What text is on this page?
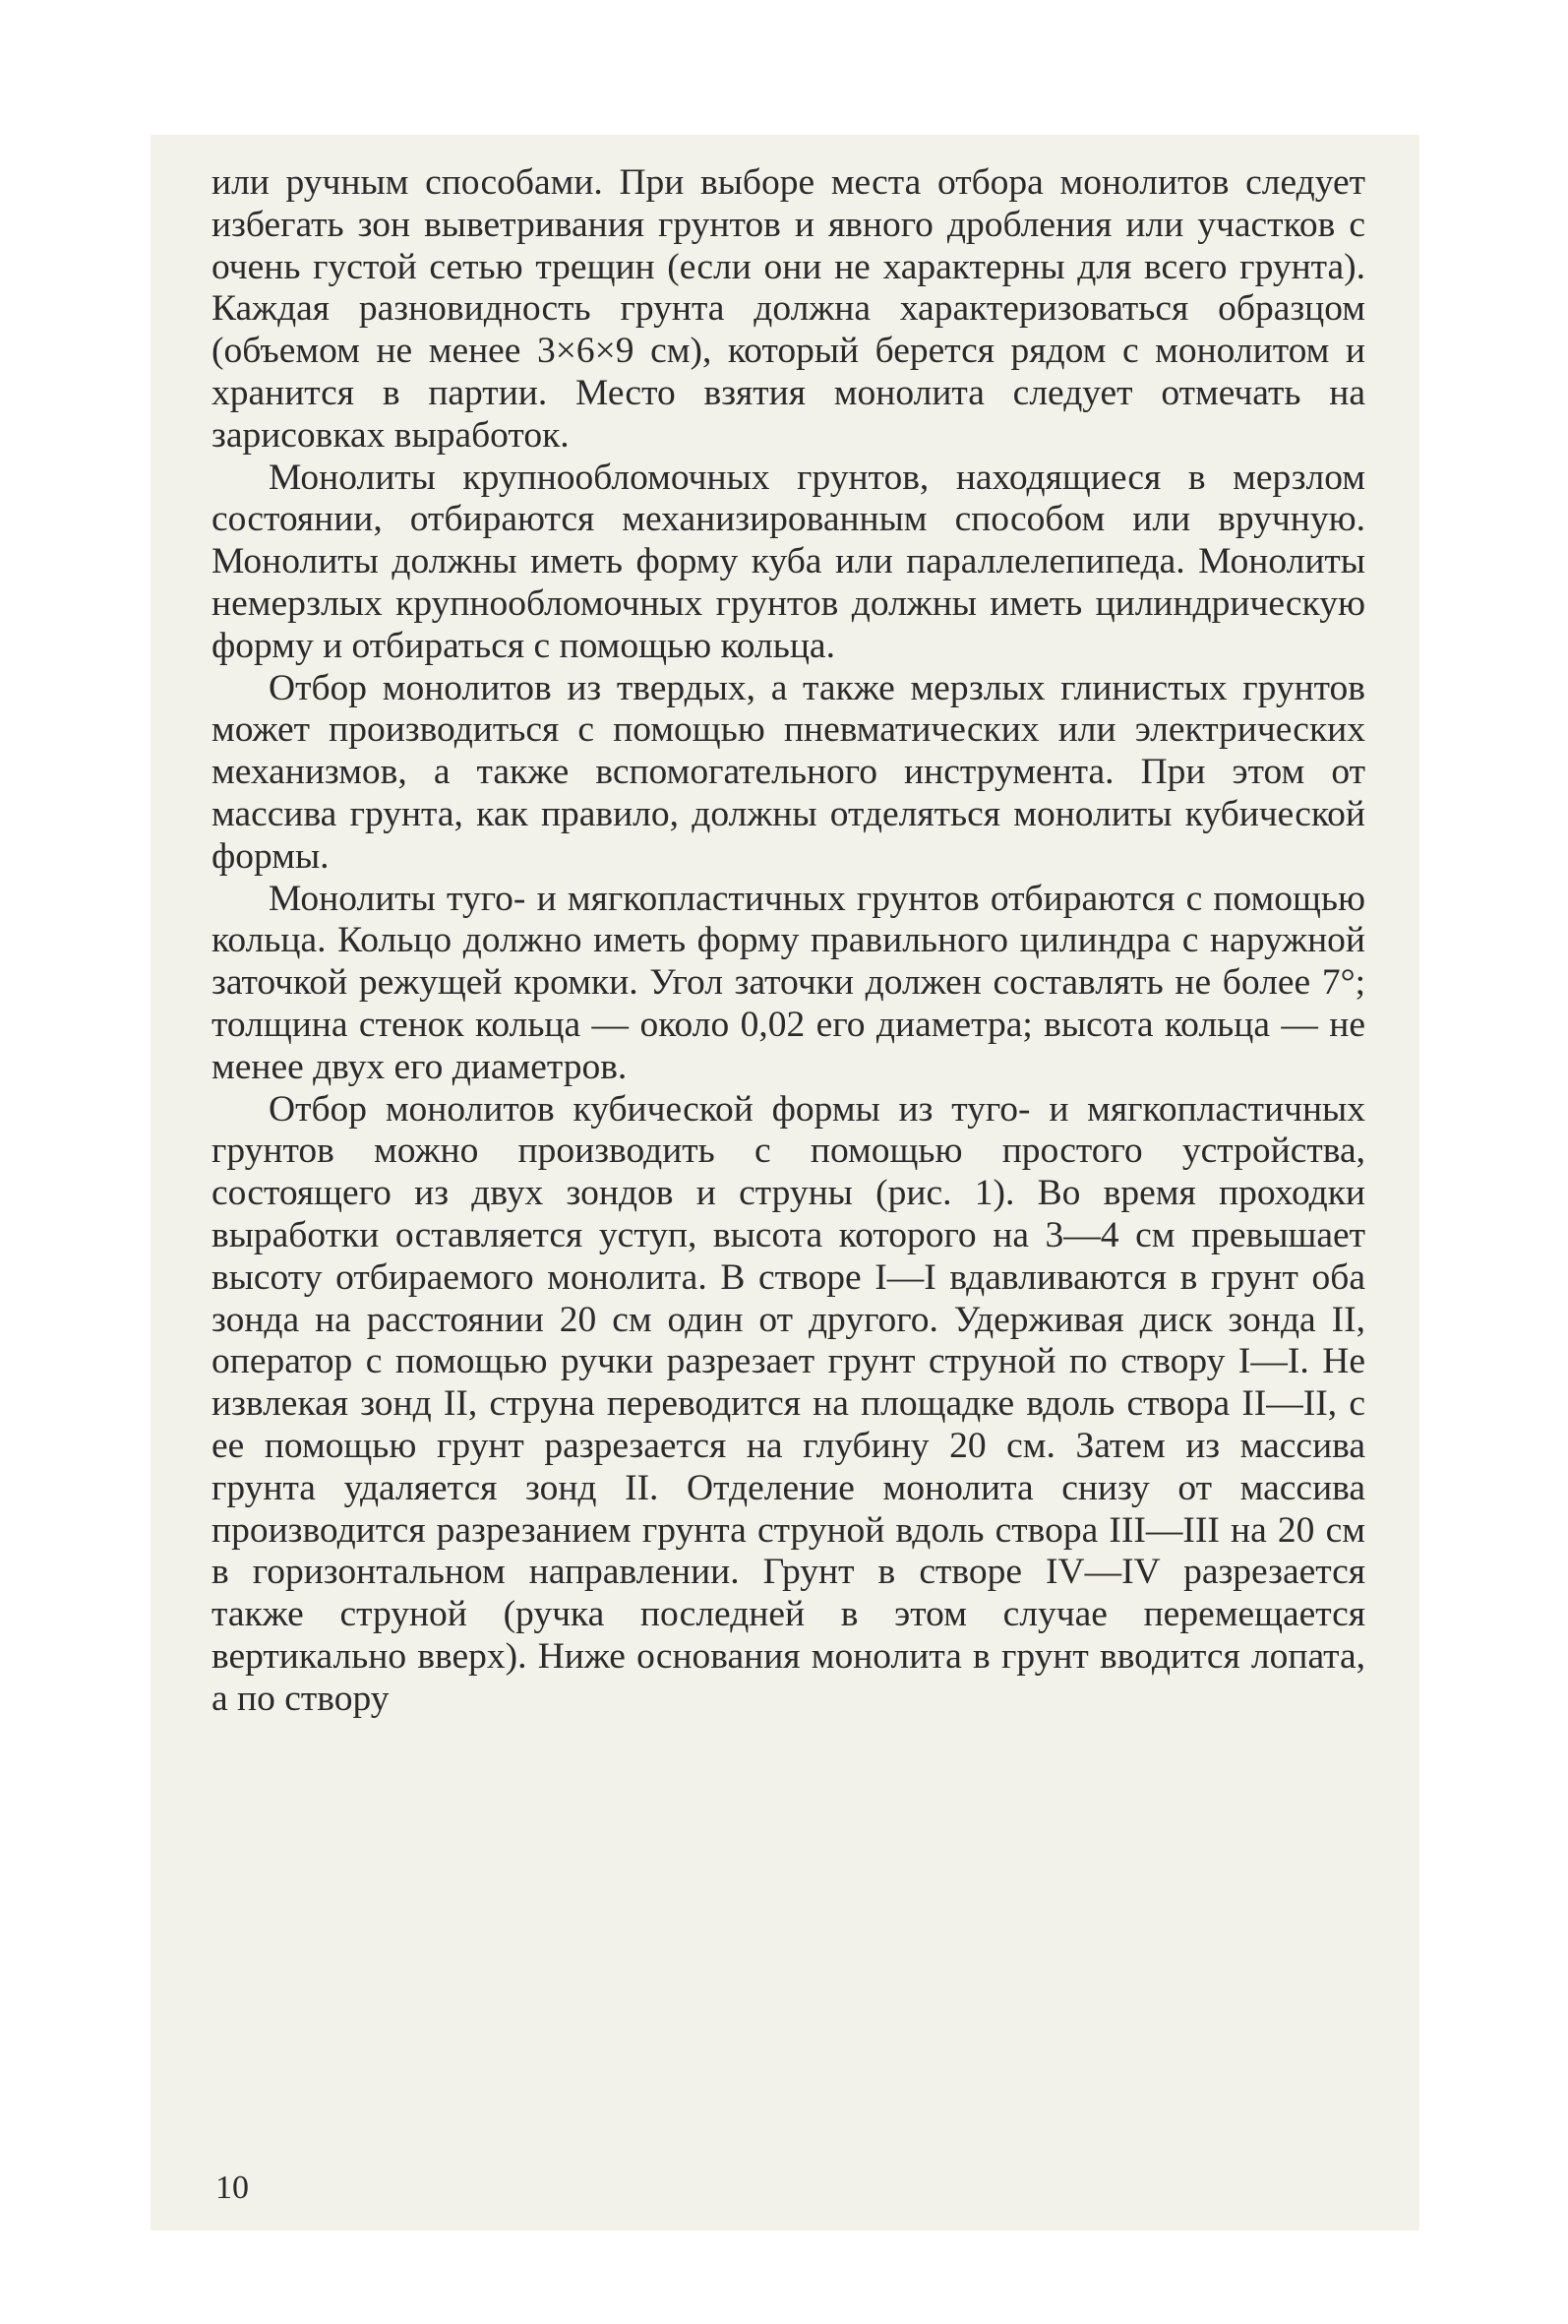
или ручным способами. При выборе места отбора монолитов следует избегать зон выветривания грунтов и явного дробления или участков с очень густой сетью трещин (если они не характерны для всего грунта). Каждая разновидность грунта должна характеризоваться образцом (объемом не менее 3×6×9 см), который берется рядом с монолитом и хранится в партии. Место взятия монолита следует отмечать на зарисовках выработок.

Монолиты крупнообломочных грунтов, находящиеся в мерзлом состоянии, отбираются механизированным способом или вручную. Монолиты должны иметь форму куба или параллелепипеда. Монолиты немерзлых крупнообломочных грунтов должны иметь цилиндрическую форму и отбираться с помощью кольца.

Отбор монолитов из твердых, а также мерзлых глинистых грунтов может производиться с помощью пневматических или электрических механизмов, а также вспомогательного инструмента. При этом от массива грунта, как правило, должны отделяться монолиты кубической формы.

Монолиты туго- и мягкопластичных грунтов отбираются с помощью кольца. Кольцо должно иметь форму правильного цилиндра с наружной заточкой режущей кромки. Угол заточки должен составлять не более 7°; толщина стенок кольца — около 0,02 его диаметра; высота кольца — не менее двух его диаметров.

Отбор монолитов кубической формы из туго- и мягкопластичных грунтов можно производить с помощью простого устройства, состоящего из двух зондов и струны (рис. 1). Во время проходки выработки оставляется уступ, высота которого на 3—4 см превышает высоту отбираемого монолита. В створе I—I вдавливаются в грунт оба зонда на расстоянии 20 см один от другого. Удерживая диск зонда II, оператор с помощью ручки разрезает грунт струной по створу I—I. Не извлекая зонд II, струна переводится на площадке вдоль створа II—II, с ее помощью грунт разрезается на глубину 20 см. Затем из массива грунта удаляется зонд II. Отделение монолита снизу от массива производится разрезанием грунта струной вдоль створа III—III на 20 см в горизонтальном направлении. Грунт в створе IV—IV разрезается также струной (ручка последней в этом случае перемещается вертикально вверх). Ниже основания монолита в грунт вводится лопата, а по створу

10
